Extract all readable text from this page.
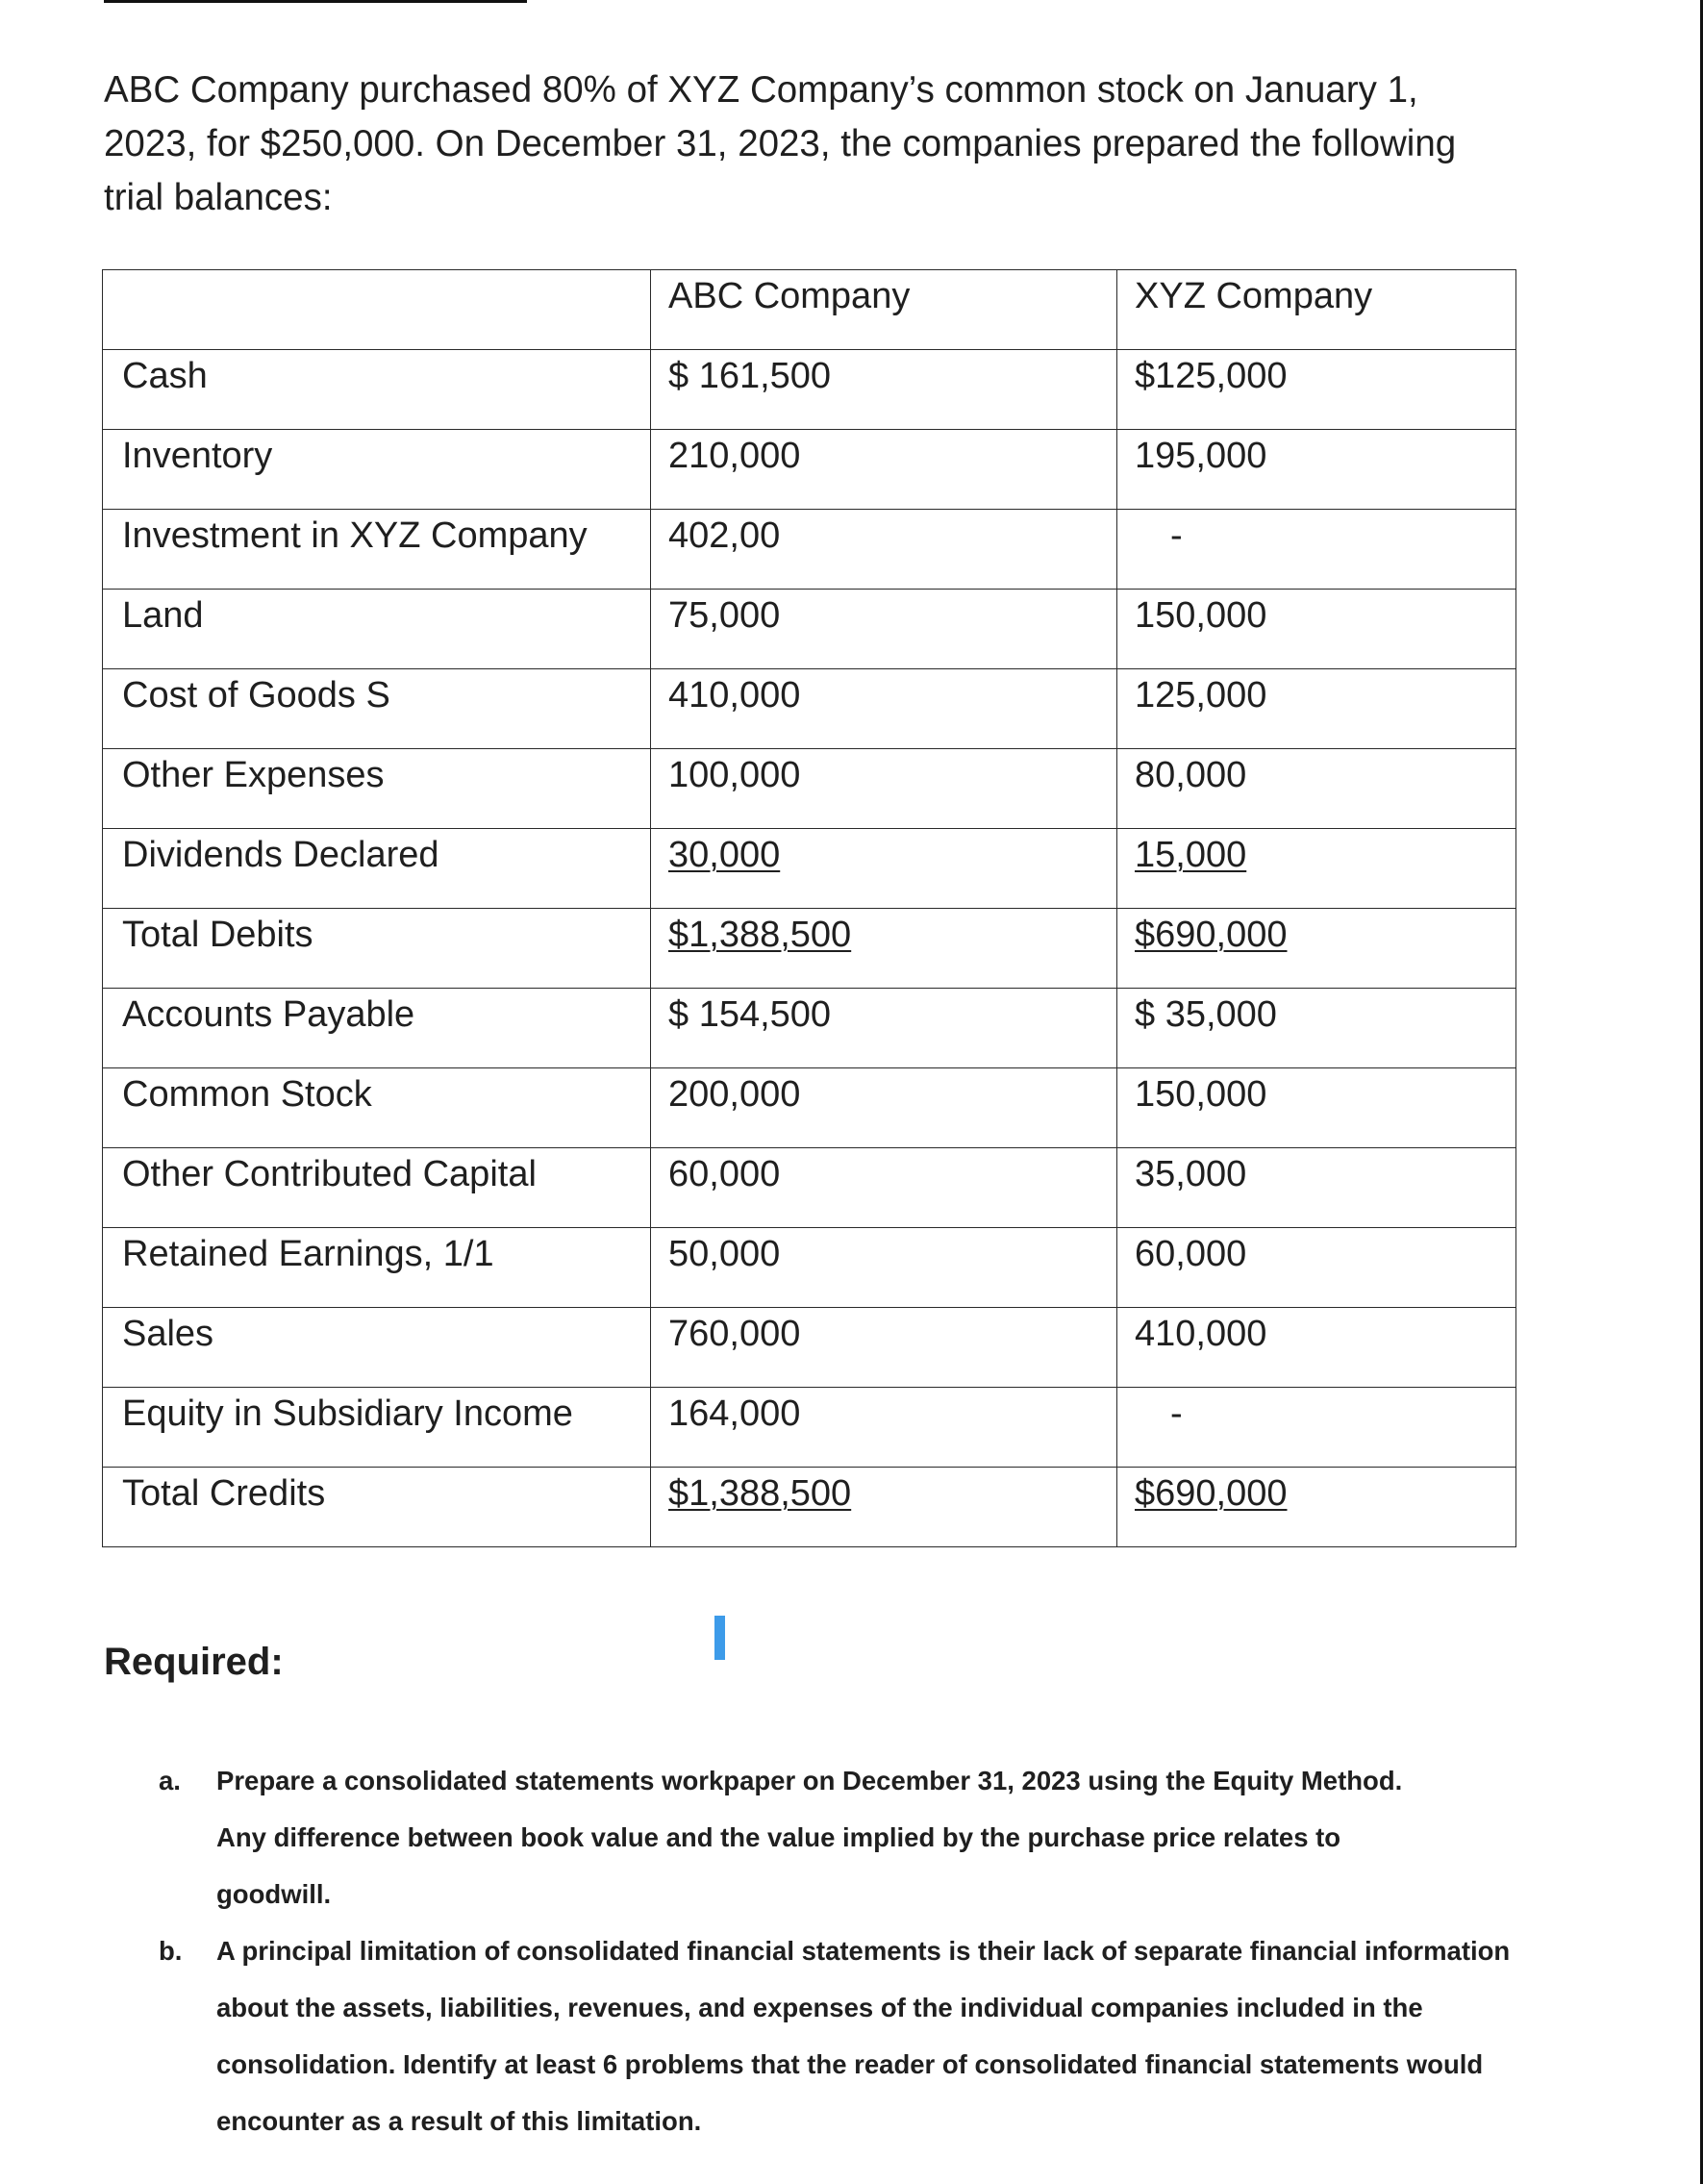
ABC Company purchased 80% of XYZ Company’s common stock on January 1,
2023, for $250,000. On December 31, 2023, the companies prepared the following
trial balances:
	ABC Company	XYZ Company
Cash	$ 161,500	$125,000
Inventory	210,000	195,000
Investment in XYZ Company	402,00	-
Land	75,000	150,000
Cost of Goods S	410,000	125,000
Other Expenses	100,000	80,000
Dividends Declared	30,000	15,000
Total Debits	$1,388,500	$690,000
Accounts Payable	$ 154,500	$ 35,000
Common Stock	200,000	150,000
Other Contributed Capital	60,000	35,000
Retained Earnings, 1/1	50,000	60,000
Sales	760,000	410,000
Equity in Subsidiary Income	164,000	-
Total Credits	$1,388,500	$690,000
Required:
a.	Prepare a consolidated statements workpaper on December 31, 2023 using the Equity Method.
Any difference between book value and the value implied by the purchase price relates to
goodwill.
b.	A principal limitation of consolidated financial statements is their lack of separate financial information
about the assets, liabilities, revenues, and expenses of the individual companies included in the
consolidation. Identify at least 6 problems that the reader of consolidated financial statements would
encounter as a result of this limitation.
